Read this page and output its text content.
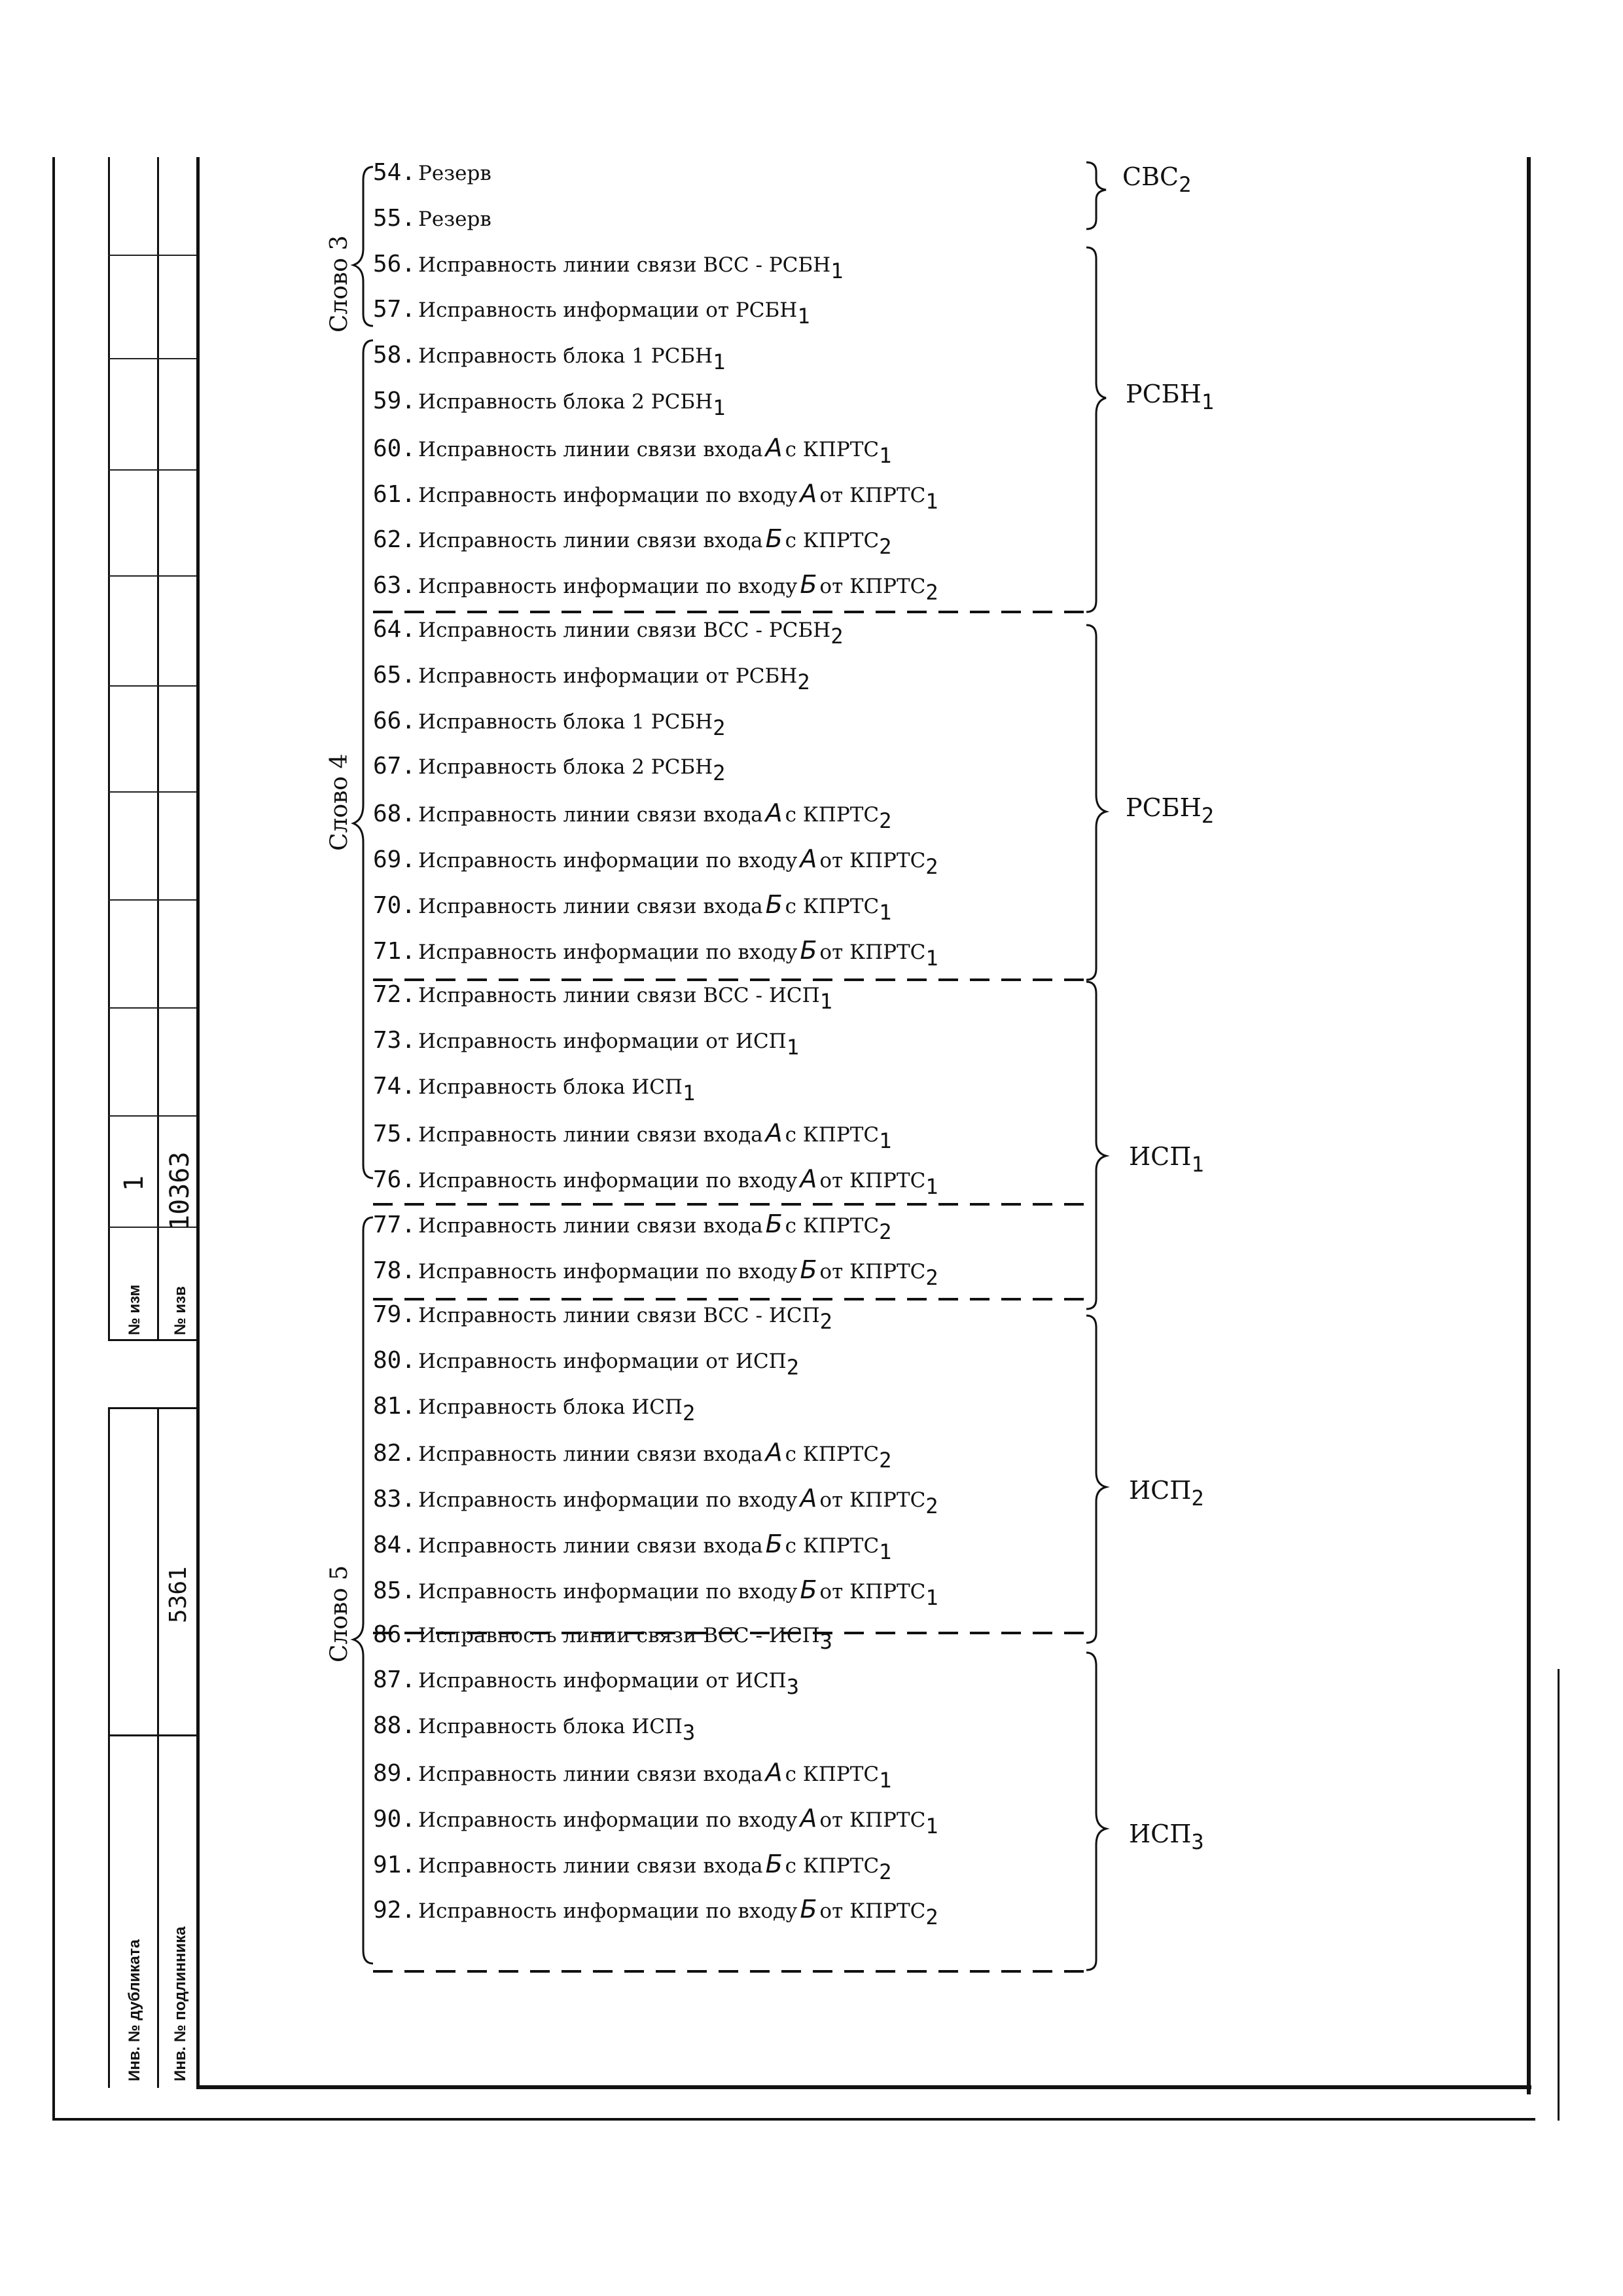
№ изм № изв
1 10363
Инв. № дубликата Инв. № подлинника
5361
Слово 3
Слово 4
Слово 5
$СВС_2$
$РСБН_1$
$РСБН_2$
$ИСП_1$
$ИСП_2$
$ИСП_3$
54. Резерв
55. Резерв
56. Исправность линии связи ВСС - $РСБН_1$
57. Исправность информации от $РСБН_1$
58. Исправность блока 1 $РСБН_1$
59. Исправность блока 2 $РСБН_1$
60. Исправность линии связи входа А с $КПРТС_1$
61. Исправность информации по входу А от $КПРТС_1$
62. Исправность линии связи входа Б с $КПРТС_2$
63. Исправность информации по входу Б от $КПРТС_2$
64. Исправность линии связи ВСС - $РСБН_2$
65. Исправность информации от $РСБН_2$
66. Исправность блока 1 $РСБН_2$
67. Исправность блока 2 $РСБН_2$
68. Исправность линии связи входа А с $КПРТС_2$
69. Исправность информации по входу А от $КПРТС_2$
70. Исправность линии связи входа Б с $КПРТС_1$
71. Исправность информации по входу Б от $КПРТС_1$
72. Исправность линии связи ВСС - $ИСП_1$
73. Исправность информации от $ИСП_1$
74. Исправность блока $ИСП_1$
75. Исправность линии связи входа А с $КПРТС_1$
76. Исправность информации по входу А от $КПРТС_1$
77. Исправность линии связи входа Б с $КПРТС_2$
78. Исправность информации по входу Б от $КПРТС_2$
79. Исправность линии связи ВСС - $ИСП_2$
80. Исправность информации от $ИСП_2$
81. Исправность блока $ИСП_2$
82. Исправность линии связи входа А с $КПРТС_2$
83. Исправность информации по входу А от $КПРТС_2$
84. Исправность линии связи входа Б с $КПРТС_1$
85. Исправность информации по входу Б от $КПРТС_1$
86. Исправность линии связи ВСС - $ИСП_3$
87. Исправность информации от $ИСП_3$
88. Исправность блока $ИСП_3$
89. Исправность линии связи входа А с $КПРТС_1$
90. Исправность информации по входу А от $КПРТС_1$
91. Исправность линии связи входа Б с $КПРТС_2$
92. Исправность информации по входу Б от $КПРТС_2$
